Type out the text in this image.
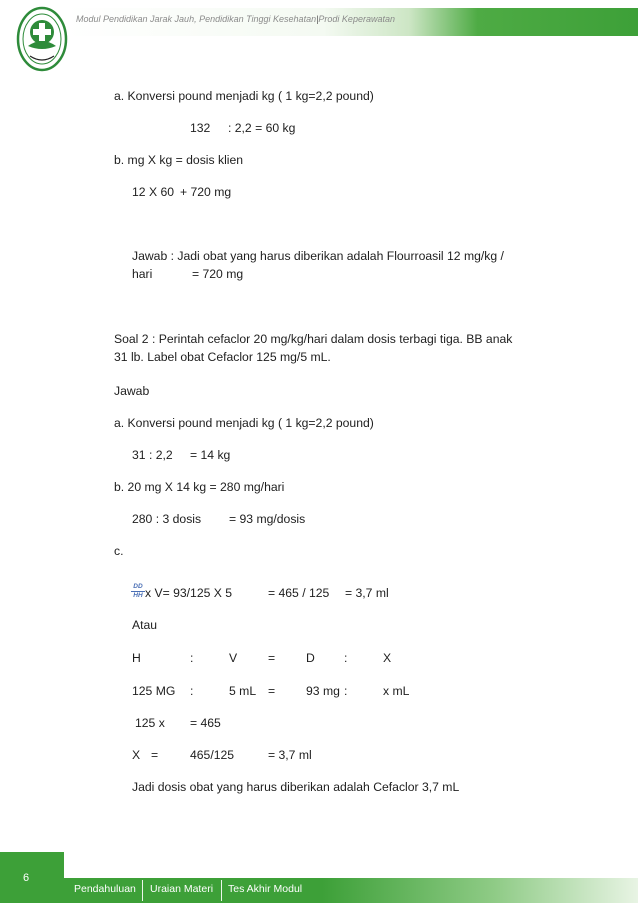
Modul Pendidikan Jarak Jauh, Pendidikan Tinggi Kesehatan|Prodi Keperawatan
a. Konversi pound menjadi kg ( 1 kg=2,2 pound)
132 : 2,2 = 60 kg
b. mg X kg = dosis klien
12 X 60 + 720 mg
Jawab : Jadi obat yang harus diberikan adalah Flourroasil 12 mg/kg /
hari	= 720 mg
Soal 2 : Perintah cefaclor 20 mg/kg/hari dalam dosis terbagi tiga. BB anak
31 lb. Label obat Cefaclor 125 mg/5 mL.
Jawab
a. Konversi pound menjadi kg ( 1 kg=2,2 pound)
31 : 2,2 = 14 kg
b. 20 mg X 14 kg = 280 mg/hari
280 : 3 dosis = 93 mg/dosis
c.
$\frac{DD}{HH}$ x V= 93/125 X 5	= 465 / 125 = 3,7 ml
Atau
H	:	V	=	D :	X
125 MG :	5 mL =	93 mg :	x mL
125 x = 465
X =	465/125	= 3,7 ml
Jadi dosis obat yang harus diberikan adalah Cefaclor 3,7 mL
6
Pendahuluan Uraian Materi Tes Akhir Modul
